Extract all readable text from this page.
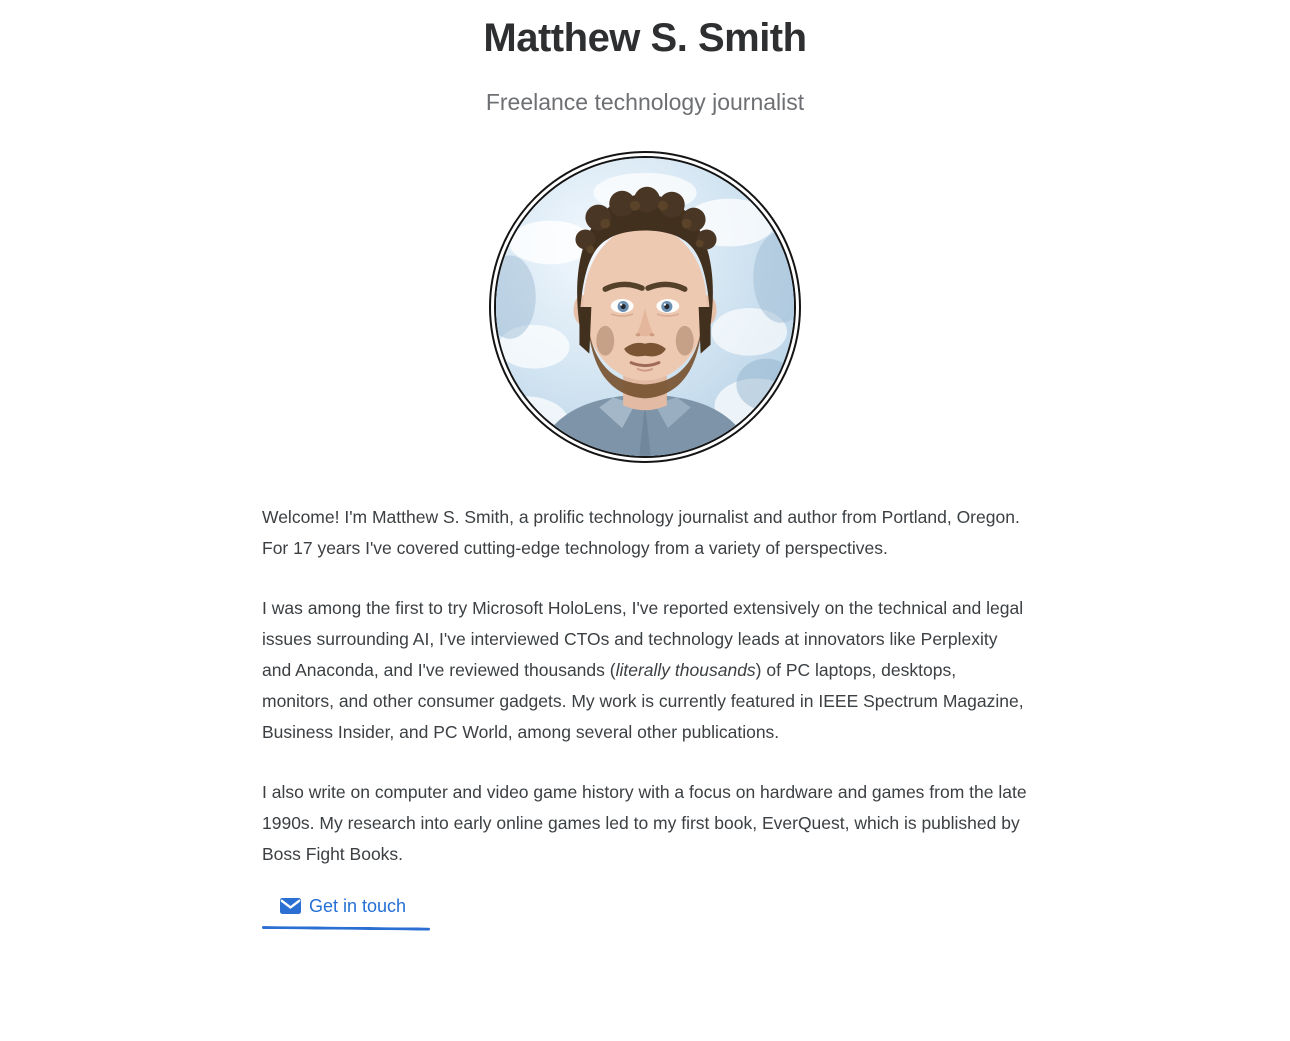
Matthew S. Smith

Freelance technology journalist

Welcome! I'm Matthew S. Smith, a prolific technology journalist and author from Portland, Oregon. For 17 years I've covered cutting-edge technology from a variety of perspectives.

I was among the first to try Microsoft HoloLens, I've reported extensively on the technical and legal issues surrounding AI, I've interviewed CTOs and technology leads at innovators like Perplexity and Anaconda, and I've reviewed thousands (literally thousands) of PC laptops, desktops, monitors, and other consumer gadgets. My work is currently featured in IEEE Spectrum Magazine, Business Insider, and PC World, among several other publications.

I also write on computer and video game history with a focus on hardware and games from the late 1990s. My research into early online games led to my first book, EverQuest, which is published by Boss Fight Books.

Get in touch
